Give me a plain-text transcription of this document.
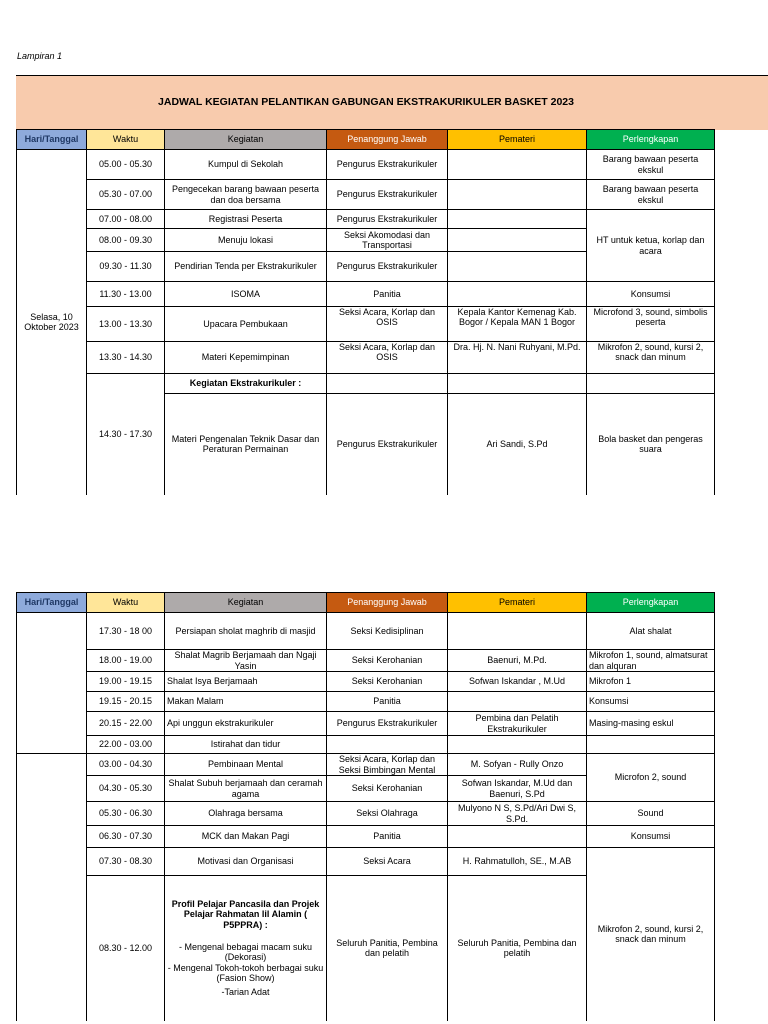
Lampiran 1
JADWAL KEGIATAN PELANTIKAN GABUNGAN EKSTRAKURIKULER BASKET 2023
Hari/Tanggal	Waktu	Kegiatan	Penanggung Jawab	Pemateri	Perlengkapan
Selasa, 10 Oktober 2023	05.00 - 05.30	Kumpul di Sekolah	Pengurus Ekstrakurikuler		Barang bawaan peserta ekskul
	05.30 - 07.00	Pengecekan barang bawaan peserta dan doa bersama	Pengurus Ekstrakurikuler		Barang bawaan peserta ekskul
	07.00 - 08.00	Registrasi Peserta	Pengurus Ekstrakurikuler		HT untuk ketua, korlap dan acara
	08.00 - 09.30	Menuju lokasi	Seksi Akomodasi dan Transportasi		
	09.30 - 11.30	Pendirian Tenda per Ekstrakurikuler	Pengurus Ekstrakurikuler		
	11.30 - 13.00	ISOMA	Panitia		Konsumsi
	13.00 - 13.30	Upacara Pembukaan	Seksi Acara, Korlap dan OSIS	Kepala Kantor Kemenag Kab. Bogor / Kepala MAN 1 Bogor	Microfond 3, sound, simbolis peserta
	13.30 - 14.30	Materi Kepemimpinan	Seksi Acara, Korlap dan OSIS	Dra. Hj. N. Nani Ruhyani, M.Pd.	Mikrofon 2, sound, kursi 2, snack dan minum
	14.30 - 17.30	Kegiatan Ekstrakurikuler :			
		Materi Pengenalan Teknik Dasar dan Peraturan Permainan	Pengurus Ekstrakurikuler	Ari Sandi, S.Pd	Bola basket dan pengeras suara
Hari/Tanggal	Waktu	Kegiatan	Penanggung Jawab	Pemateri	Perlengkapan
	17.30 - 18 00	Persiapan sholat maghrib di masjid	Seksi Kedisiplinan		Alat shalat
	18.00 - 19.00	Shalat Magrib Berjamaah dan Ngaji Yasin	Seksi Kerohanian	Baenuri, M.Pd.	Mikrofon 1, sound, almatsurat dan alquran
	19.00 - 19.15	Shalat Isya Berjamaah	Seksi Kerohanian	Sofwan Iskandar , M.Ud	Mikrofon 1
	19.15 - 20.15	Makan Malam	Panitia		Konsumsi
	20.15 - 22.00	Api unggun ekstrakurikuler	Pengurus Ekstrakurikuler	Pembina dan Pelatih Ekstrakurikuler	Masing-masing eskul
	22.00 - 03.00	Istirahat dan tidur			
	03.00 - 04.30	Pembinaan Mental	Seksi Acara, Korlap dan Seksi Bimbingan Mental	M. Sofyan - Rully Onzo	Microfon 2, sound
	04.30 - 05.30	Shalat Subuh berjamaah dan ceramah agama	Seksi Kerohanian	Sofwan Iskandar, M.Ud dan Baenuri, S.Pd	
	05.30 - 06.30	Olahraga bersama	Seksi Olahraga	Mulyono N S, S.Pd/Ari Dwi S, S.Pd.	Sound
	06.30 - 07.30	MCK dan Makan Pagi	Panitia		Konsumsi
	07.30 - 08.30	Motivasi dan Organisasi	Seksi Acara	H. Rahmatulloh, SE., M.AB	Mikrofon 2, sound, kursi 2, snack dan minum
	08.30 - 12.00	Profil Pelajar Pancasila dan Projek Pelajar Rahmatan lil Alamin ( P5PPRA) :
- Mengenal bebagai macam suku (Dekorasi)
- Mengenal Tokoh-tokoh berbagai suku (Fasion Show)
-Tarian Adat	Seluruh Panitia, Pembina dan pelatih	Seluruh Panitia, Pembina dan pelatih	
